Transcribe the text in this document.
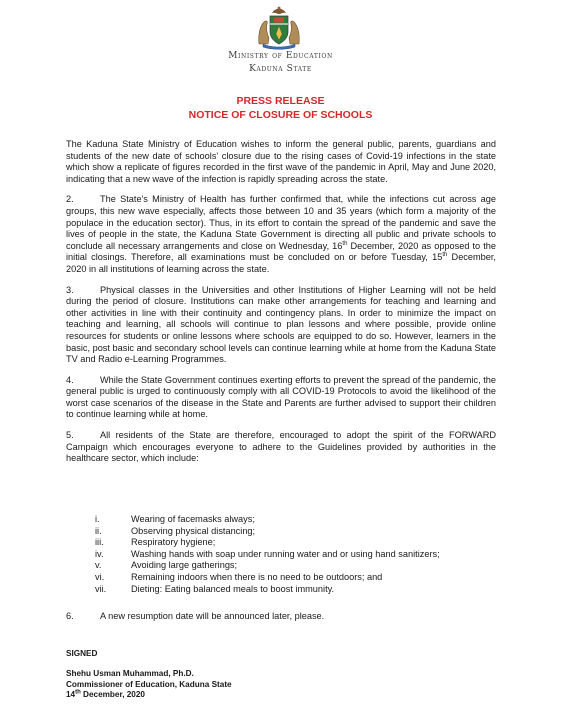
Ministry of Education
Kaduna State
PRESS RELEASE
NOTICE OF CLOSURE OF SCHOOLS

The Kaduna State Ministry of Education wishes to inform the general public, parents, guardians and students of the new date of schools' closure due to the rising cases of Covid-19 infections in the state which show a replicate of figures recorded in the first wave of the pandemic in April, May and June 2020, indicating that a new wave of the infection is rapidly spreading across the state.

2.	The State's Ministry of Health has further confirmed that, while the infections cut across age groups, this new wave especially, affects those between 10 and 35 years (which form a majority of the populace in the education sector). Thus, in its effort to contain the spread of the pandemic and save the lives of people in the state, the Kaduna State Government is directing all public and private schools to conclude all necessary arrangements and close on Wednesday, 16th December, 2020 as opposed to the initial closings. Therefore, all examinations must be concluded on or before Tuesday, 15th December, 2020 in all institutions of learning across the state.

3.	Physical classes in the Universities and other Institutions of Higher Learning will not be held during the period of closure. Institutions can make other arrangements for teaching and learning and other activities in line with their continuity and contingency plans. In order to minimize the impact on teaching and learning, all schools will continue to plan lessons and where possible, provide online resources for students or online lessons where schools are equipped to do so. However, learners in the basic, post basic and secondary school levels can continue learning while at home from the Kaduna State TV and Radio e-Learning Programmes.

4.	While the State Government continues exerting efforts to prevent the spread of the pandemic, the general public is urged to continuously comply with all COVID-19 Protocols to avoid the likelihood of the worst case scenarios of the disease in the State and Parents are further advised to support their children to continue learning while at home.

5.	All residents of the State are therefore, encouraged to adopt the spirit of the FORWARD Campaign which encourages everyone to adhere to the Guidelines provided by authorities in the healthcare sector, which include:

i.	Wearing of facemasks always;
ii.	Observing physical distancing;
iii.	Respiratory hygiene;
iv.	Washing hands with soap under running water and or using hand sanitizers;
v.	Avoiding large gatherings;
vi.	Remaining indoors when there is no need to be outdoors; and
vii.	Dieting: Eating balanced meals to boost immunity.
6.	A new resumption date will be announced later, please.
SIGNED
Shehu Usman Muhammad, Ph.D.
Commissioner of Education, Kaduna State
14th December, 2020
